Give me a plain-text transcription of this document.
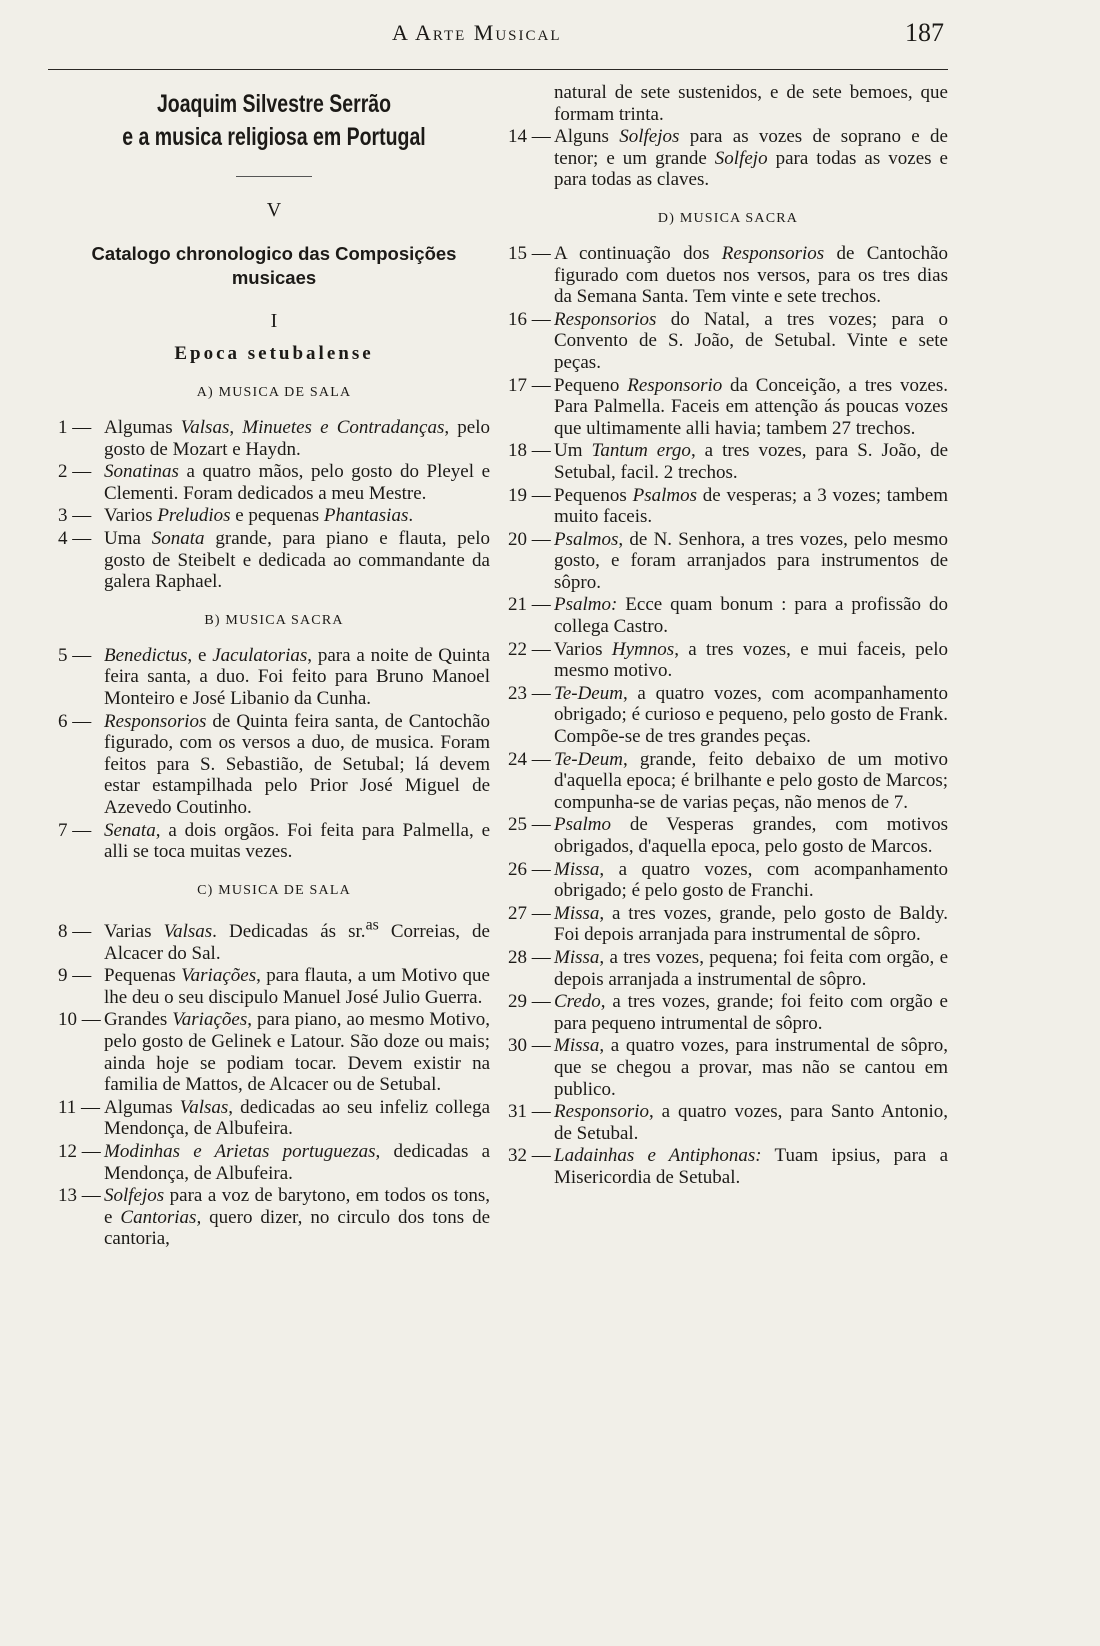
A Arte Musical	187
Joaquim Silvestre Serrão
e a musica religiosa em Portugal
V
Catalogo chronologico das Composições
musicaes
I
Epoca setubalense
A) MUSICA DE SALA
1 — Algumas Valsas, Minuetes e Contradanças, pelo gosto de Mozart e Haydn.
2 — Sonatinas a quatro mãos, pelo gosto do Pleyel e Clementi. Foram dedicados a meu Mestre.
3 — Varios Preludios e pequenas Phantasias.
4 — Uma Sonata grande, para piano e flauta, pelo gosto de Steibelt e dedicada ao commandante da galera Raphael.
B) MUSICA SACRA
5 — Benedictus, e Jaculatorias, para a noite de Quinta feira santa, a duo. Foi feito para Bruno Manoel Monteiro e José Libanio da Cunha.
6 — Responsorios de Quinta feira santa, de Cantochão figurado, com os versos a duo, de musica. Foram feitos para S. Sebastião, de Setubal; lá devem estar estampilhada pelo Prior José Miguel de Azevedo Coutinho.
7 — Senata, a dois orgãos. Foi feita para Palmella, e alli se toca muitas vezes.
C) MUSICA DE SALA
8 — Varias Valsas. Dedicadas ás sr.$^{as}$ Correias, de Alcacer do Sal.
9 — Pequenas Variações, para flauta, a um Motivo que lhe deu o seu discipulo Manuel José Julio Guerra.
10 — Grandes Variações, para piano, ao mesmo Motivo, pelo gosto de Gelinek e Latour. São doze ou mais; ainda hoje se podiam tocar. Devem existir na familia de Mattos, de Alcacer ou de Setubal.
11 — Algumas Valsas, dedicadas ao seu infeliz collega Mendonça, de Albufeira.
12 — Modinhas e Arietas portuguezas, dedicadas a Mendonça, de Albufeira.
13 — Solfejos para a voz de barytono, em todos os tons, e Cantorias, quero dizer, no circulo dos tons de cantoria,
natural de sete sustenidos, e de sete bemoes, que formam trinta.
14 — Alguns Solfejos para as vozes de soprano e de tenor; e um grande Solfejo para todas as vozes e para todas as claves.
D) MUSICA SACRA
15 — A continuação dos Responsorios de Cantochão figurado com duetos nos versos, para os tres dias da Semana Santa. Tem vinte e sete trechos.
16 — Responsorios do Natal, a tres vozes; para o Convento de S. João, de Setubal. Vinte e sete peças.
17 — Pequeno Responsorio da Conceição, a tres vozes. Para Palmella. Faceis em attenção ás poucas vozes que ultimamente alli havia; tambem 27 trechos.
18 — Um Tantum ergo, a tres vozes, para S. João, de Setubal, facil. 2 trechos.
19 — Pequenos Psalmos de vesperas; a 3 vozes; tambem muito faceis.
20 — Psalmos, de N. Senhora, a tres vozes, pelo mesmo gosto, e foram arranjados para instrumentos de sôpro.
21 — Psalmo: Ecce quam bonum : para a profissão do collega Castro.
22 — Varios Hymnos, a tres vozes, e mui faceis, pelo mesmo motivo.
23 — Te-Deum, a quatro vozes, com acompanhamento obrigado; é curioso e pequeno, pelo gosto de Frank. Compõe-se de tres grandes peças.
24 — Te-Deum, grande, feito debaixo de um motivo d'aquella epoca; é brilhante e pelo gosto de Marcos; compunha-se de varias peças, não menos de 7.
25 — Psalmo de Vesperas grandes, com motivos obrigados, d'aquella epoca, pelo gosto de Marcos.
26 — Missa, a quatro vozes, com acompanhamento obrigado; é pelo gosto de Franchi.
27 — Missa, a tres vozes, grande, pelo gosto de Baldy. Foi depois arranjada para instrumental de sôpro.
28 — Missa, a tres vozes, pequena; foi feita com orgão, e depois arranjada a instrumental de sôpro.
29 — Credo, a tres vozes, grande; foi feito com orgão e para pequeno intrumental de sôpro.
30 — Missa, a quatro vozes, para instrumental de sôpro, que se chegou a provar, mas não se cantou em publico.
31 — Responsorio, a quatro vozes, para Santo Antonio, de Setubal.
32 — Ladainhas e Antiphonas: Tuam ipsius, para a Misericordia de Setubal.
